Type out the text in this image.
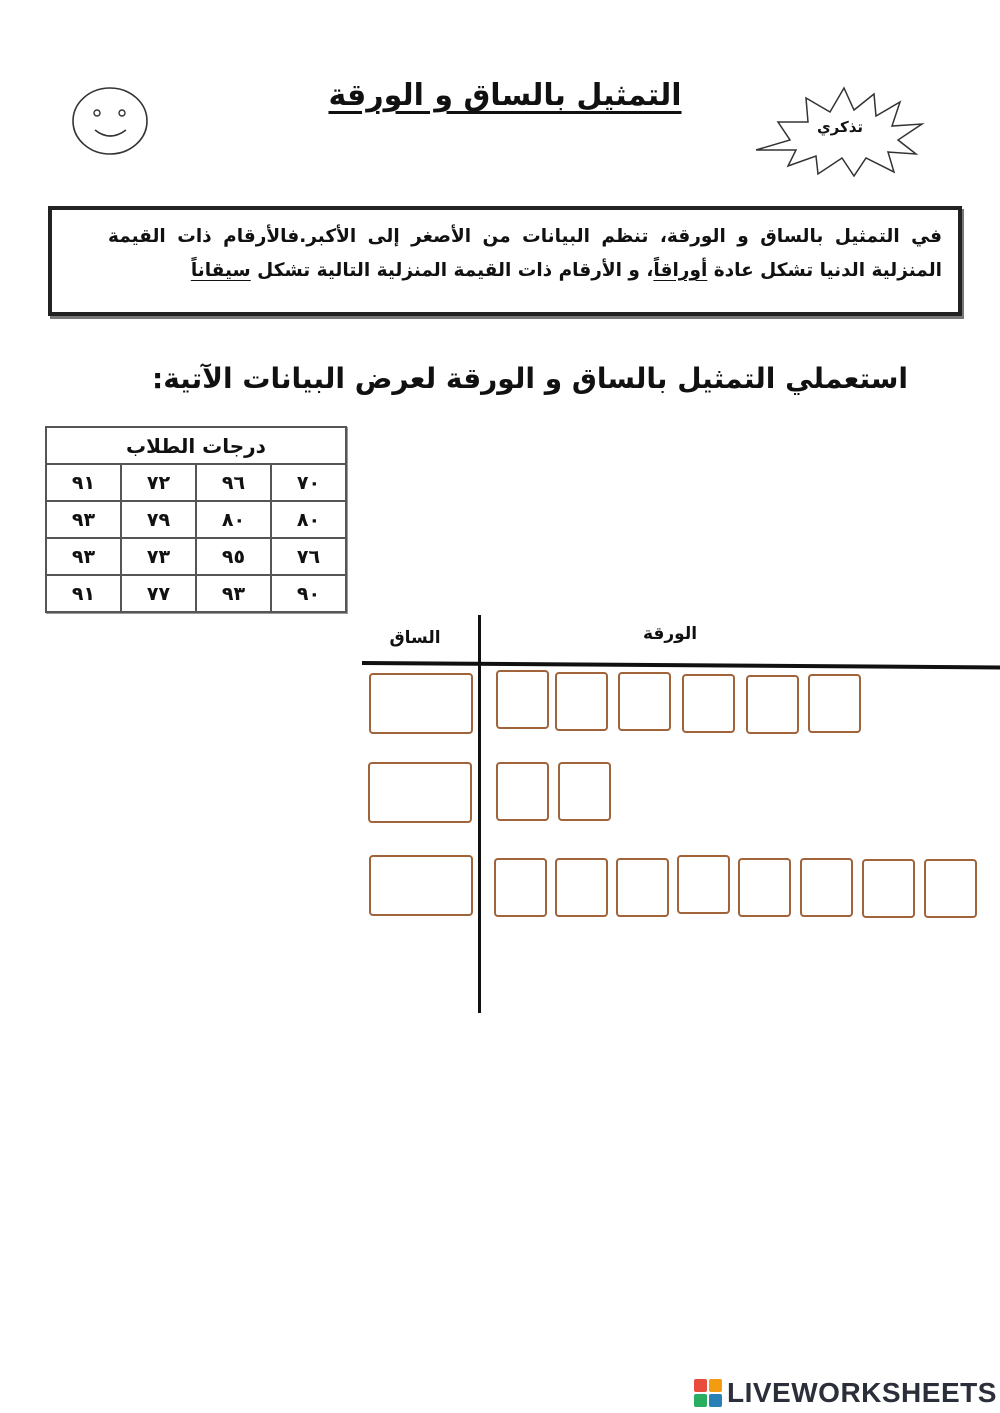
التمثيل بالساق و الورقة
تذكري
في التمثيل بالساق و الورقة، تنظم البيانات من الأصغر إلى الأكبر.فالأرقام ذات القيمة المنزلية الدنيا تشكل عادة أوراقاً، و الأرقام ذات القيمة المنزلية التالية تشكل سيقاناً
استعملي التمثيل بالساق و الورقة لعرض البيانات الآتية:
درجات الطلاب			
٧٠	٩٦	٧٢	٩١
٨٠	٨٠	٧٩	٩٣
٧٦	٩٥	٧٣	٩٣
٩٠	٩٣	٧٧	٩١
الساق	الورقة
LIVEWORKSHEETS
